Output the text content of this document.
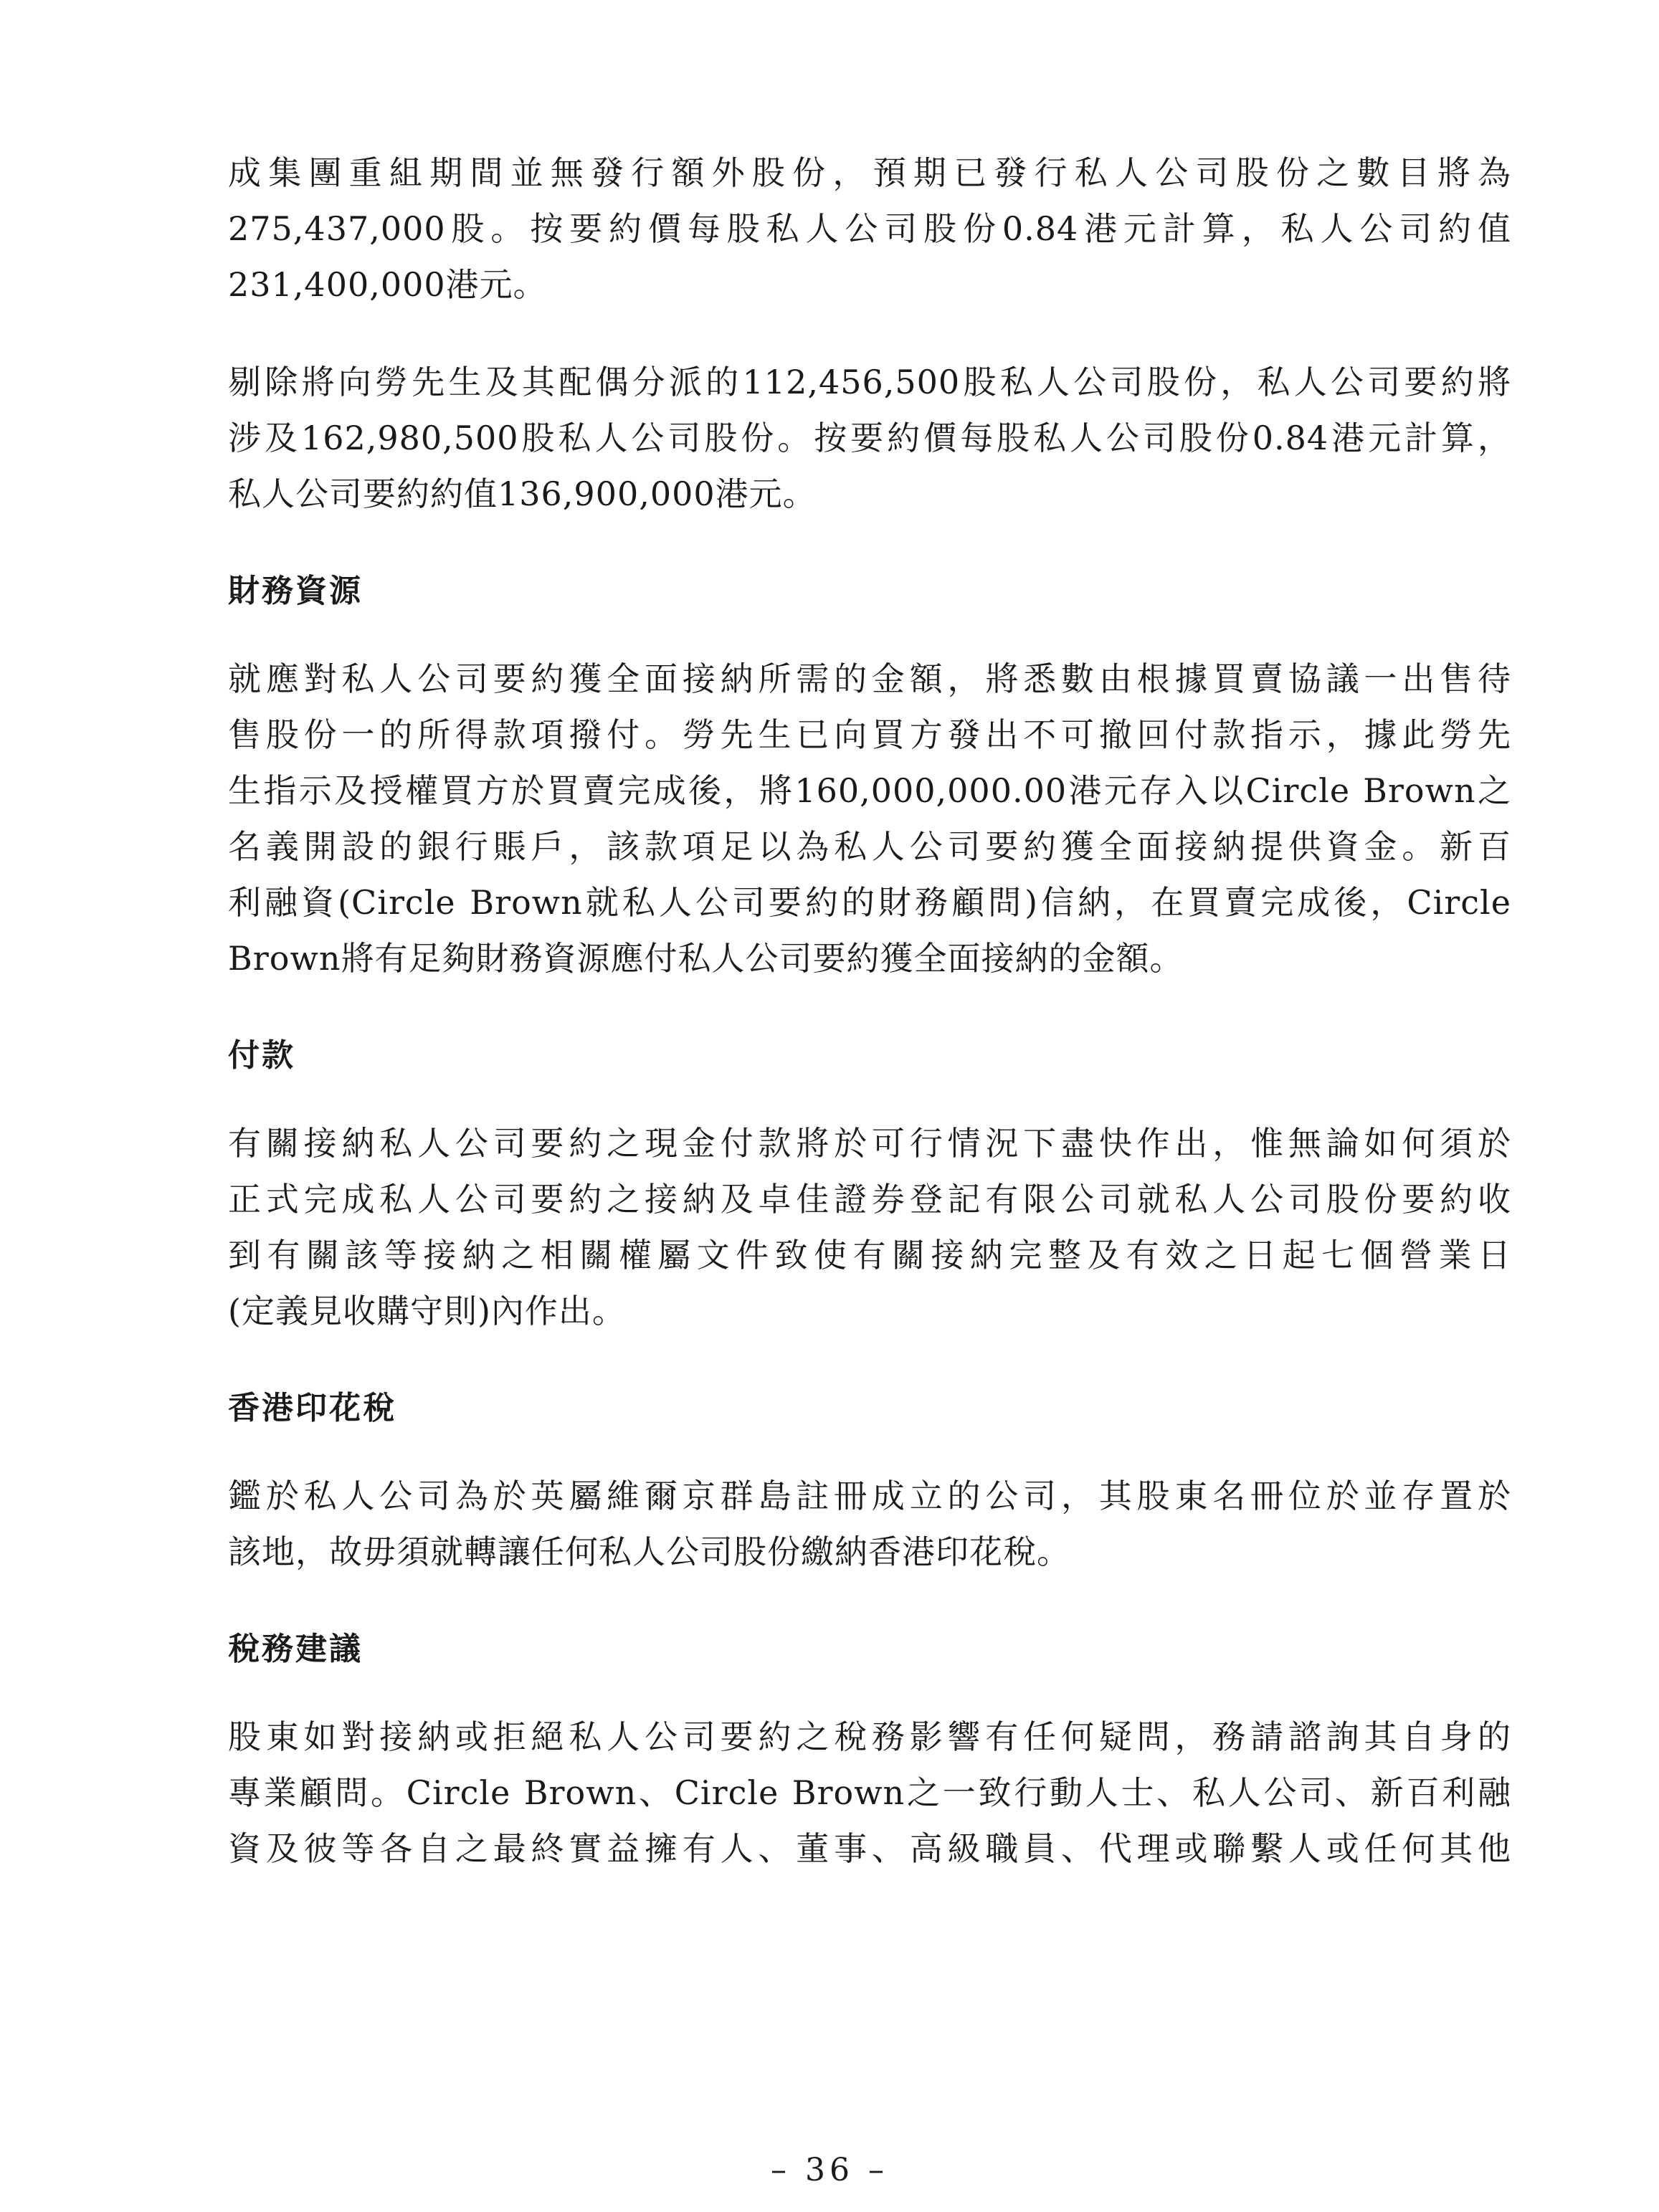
成集團重組期間並無發行額外股份，預期已發行私人公司股份之數目將為
275,437,000股。按要約價每股私人公司股份0.84港元計算，私人公司約值
231,400,000港元。
剔除將向勞先生及其配偶分派的112,456,500股私人公司股份，私人公司要約將
涉及162,980,500股私人公司股份。按要約價每股私人公司股份0.84港元計算，
私人公司要約約值136,900,000港元。
財務資源
就應對私人公司要約獲全面接納所需的金額，將悉數由根據買賣協議一出售待
售股份一的所得款項撥付。勞先生已向買方發出不可撤回付款指示，據此勞先
生指示及授權買方於買賣完成後，將160,000,000.00港元存入以Circle Brown之
名義開設的銀行賬戶，該款項足以為私人公司要約獲全面接納提供資金。新百
利融資(Circle Brown就私人公司要約的財務顧問)信納，在買賣完成後，Circle
Brown將有足夠財務資源應付私人公司要約獲全面接納的金額。
付款
有關接納私人公司要約之現金付款將於可行情況下盡快作出，惟無論如何須於
正式完成私人公司要約之接納及卓佳證券登記有限公司就私人公司股份要約收
到有關該等接納之相關權屬文件致使有關接納完整及有效之日起七個營業日
(定義見收購守則)內作出。
香港印花稅
鑑於私人公司為於英屬維爾京群島註冊成立的公司，其股東名冊位於並存置於
該地，故毋須就轉讓任何私人公司股份繳納香港印花稅。
稅務建議
股東如對接納或拒絕私人公司要約之稅務影響有任何疑問，務請諮詢其自身的
專業顧問。Circle Brown、Circle Brown之一致行動人士、私人公司、新百利融
資及彼等各自之最終實益擁有人、董事、高級職員、代理或聯繫人或任何其他
– 36 –
